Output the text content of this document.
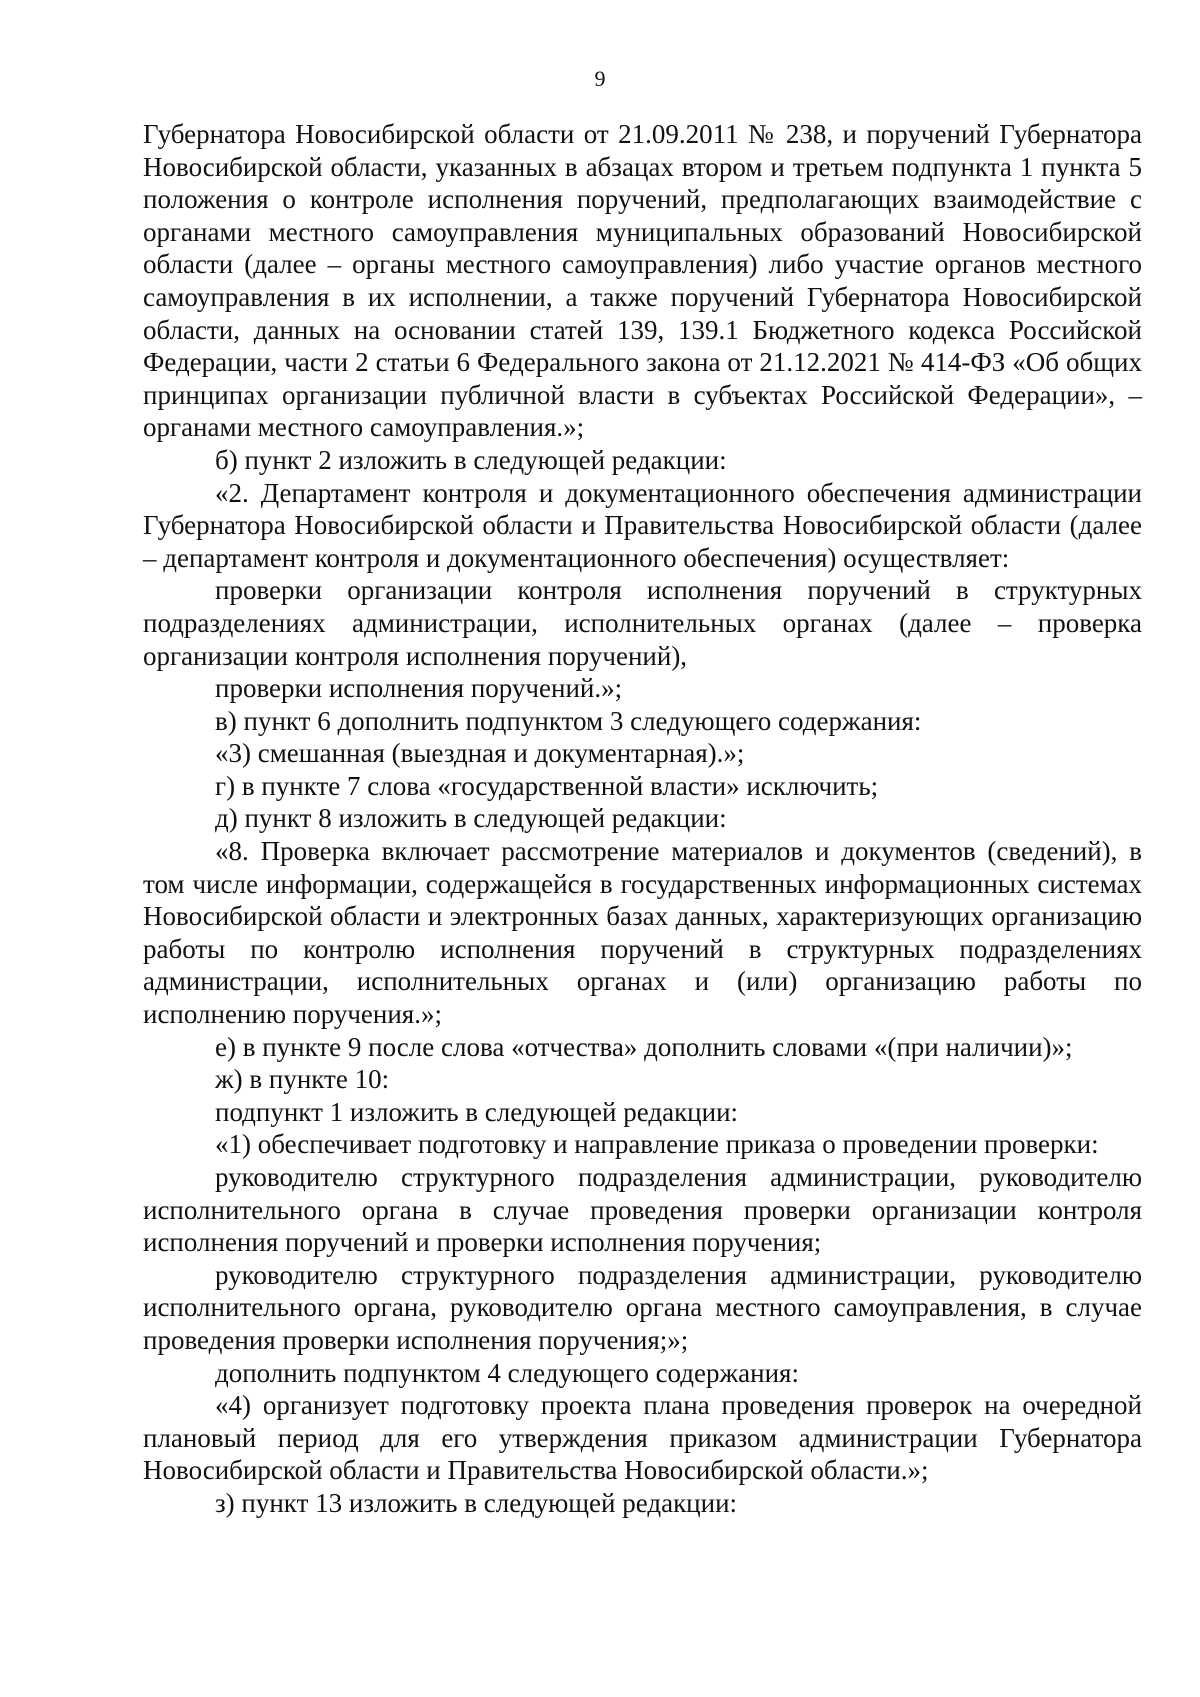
9

Губернатора Новосибирской области от 21.09.2011 № 238, и поручений Губернатора Новосибирской области, указанных в абзацах втором и третьем подпункта 1 пункта 5 положения о контроле исполнения поручений, предполагающих взаимодействие с органами местного самоуправления муниципальных образований Новосибирской области (далее – органы местного самоуправления) либо участие органов местного самоуправления в их исполнении, а также поручений Губернатора Новосибирской области, данных на основании статей 139, 139.1 Бюджетного кодекса Российской Федерации, части 2 статьи 6 Федерального закона от 21.12.2021 № 414-ФЗ «Об общих принципах организации публичной власти в субъектах Российской Федерации», – органами местного самоуправления.»;

б) пункт 2 изложить в следующей редакции:

«2. Департамент контроля и документационного обеспечения администрации Губернатора Новосибирской области и Правительства Новосибирской области (далее – департамент контроля и документационного обеспечения) осуществляет:

проверки организации контроля исполнения поручений в структурных подразделениях администрации, исполнительных органах (далее – проверка организации контроля исполнения поручений),

проверки исполнения поручений.»;

в) пункт 6 дополнить подпунктом 3 следующего содержания:

«3) смешанная (выездная и документарная).»;

г) в пункте 7 слова «государственной власти» исключить;

д) пункт 8 изложить в следующей редакции:

«8. Проверка включает рассмотрение материалов и документов (сведений), в том числе информации, содержащейся в государственных информационных системах Новосибирской области и электронных базах данных, характеризующих организацию работы по контролю исполнения поручений в структурных подразделениях администрации, исполнительных органах и (или) организацию работы по исполнению поручения.»;

е) в пункте 9 после слова «отчества» дополнить словами «(при наличии)»;

ж) в пункте 10:

подпункт 1 изложить в следующей редакции:

«1) обеспечивает подготовку и направление приказа о проведении проверки:

руководителю структурного подразделения администрации, руководителю исполнительного органа в случае проведения проверки организации контроля исполнения поручений и проверки исполнения поручения;

руководителю структурного подразделения администрации, руководителю исполнительного органа, руководителю органа местного самоуправления, в случае проведения проверки исполнения поручения;»;

дополнить подпунктом 4 следующего содержания:

«4) организует подготовку проекта плана проведения проверок на очередной плановый период для его утверждения приказом администрации Губернатора Новосибирской области и Правительства Новосибирской области.»;

з) пункт 13 изложить в следующей редакции:
